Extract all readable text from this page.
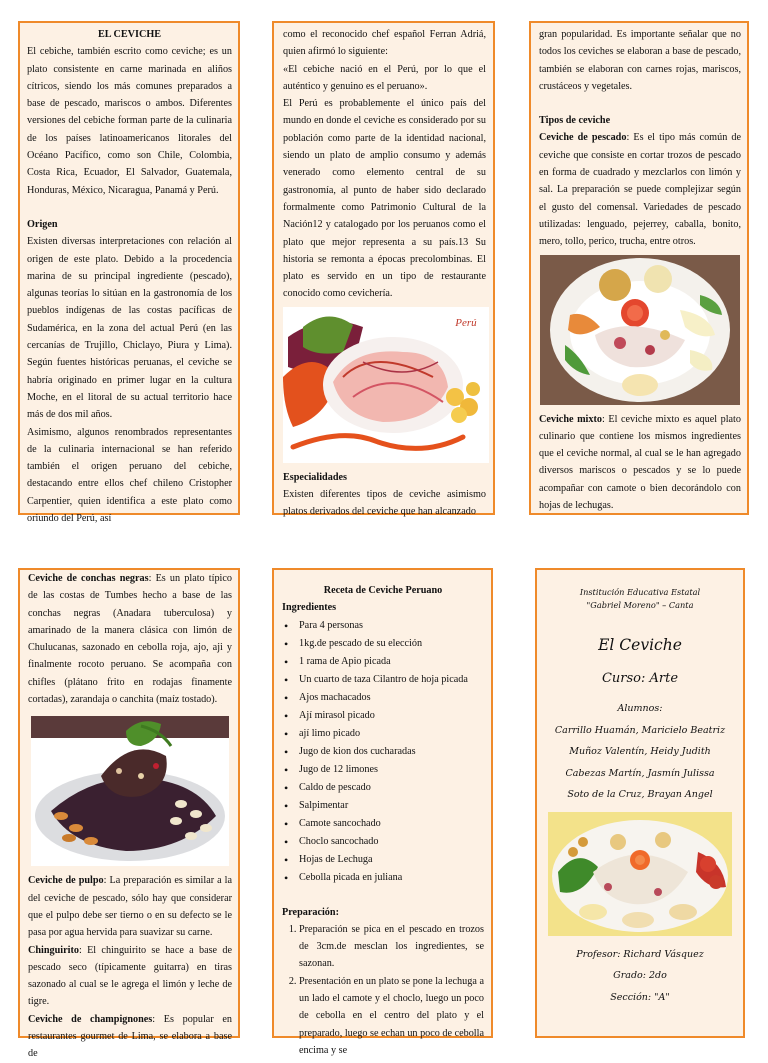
EL CEVICHE

El cebiche, también escrito como ceviche; es un plato consistente en carne marinada en aliños cítricos, siendo los más comunes preparados a base de pescado, mariscos o ambos. Diferentes versiones del cebiche forman parte de la culinaria de los países latinoamericanos litorales del Océano Pacífico, como son Chile, Colombia, Costa Rica, Ecuador, El Salvador, Guatemala, Honduras, México, Nicaragua, Panamá y Perú.

Origen

Existen diversas interpretaciones con relación al origen de este plato. Debido a la procedencia marina de su principal ingrediente (pescado), algunas teorías lo sitúan en la gastronomía de los pueblos indígenas de las costas pacíficas de Sudamérica, en la zona del actual Perú (en las cercanías de Trujillo, Chiclayo, Piura y Lima). Según fuentes históricas peruanas, el ceviche se habría originado en primer lugar en la cultura Moche, en el litoral de su actual territorio hace más de dos mil años.

Asimismo, algunos renombrados representantes de la culinaria internacional se han referido también el origen peruano del cebiche, destacando entre ellos chef chileno Cristopher Carpentier, quien identifica a este plato como oriundo del Perú, así

como el reconocido chef español Ferran Adriá, quien afirmó lo siguiente:

«El cebiche nació en el Perú, por lo que el auténtico y genuino es el peruano».

El Perú es probablemente el único país del mundo en donde el ceviche es considerado por su población como parte de la identidad nacional, siendo un plato de amplio consumo y además venerado como elemento central de su gastronomía, al punto de haber sido declarado formalmente como Patrimonio Cultural de la Nación12 y catalogado por los peruanos como el plato que mejor representa a su país.13 Su historia se remonta a épocas precolombinas. El plato es servido en un tipo de restaurante conocido como cevichería.

Perú

Especialidades

Existen diferentes tipos de ceviche asimismo platos derivados del ceviche que han alcanzado

gran popularidad. Es importante señalar que no todos los ceviches se elaboran a base de pescado, también se elaboran con carnes rojas, mariscos, crustáceos y vegetales.

Tipos de ceviche

Ceviche de pescado: Es el tipo más común de ceviche que consiste en cortar trozos de pescado en forma de cuadrado y mezclarlos con limón y sal. La preparación se puede complejizar según el gusto del comensal. Variedades de pescado utilizadas: lenguado, pejerrey, caballa, bonito, mero, tollo, perico, trucha, entre otros.

Ceviche mixto: El ceviche mixto es aquel plato culinario que contiene los mismos ingredientes que el ceviche normal, al cual se le han agregado diversos mariscos o pescados y se lo puede acompañar con camote o bien decorándolo con hojas de lechugas.

Ceviche de conchas negras: Es un plato típico de las costas de Tumbes hecho a base de las conchas negras (Anadara tuberculosa) y amarinado de la manera clásica con limón de Chulucanas, sazonado en cebolla roja, ajo, aji y finalmente rocoto peruano. Se acompaña con chifles (plátano frito en rodajas finamente cortadas), zarandaja o canchita (maíz tostado).

Ceviche de pulpo: La preparación es similar a la del ceviche de pescado, sólo hay que considerar que el pulpo debe ser tierno o en su defecto se le pasa por agua hervida para suavizar su carne.

Chinguirito: El chinguirito se hace a base de pescado seco (típicamente guitarra) en tiras sazonado al cual se le agrega el limón y leche de tigre.

Ceviche de champignones: Es popular en restaurantes gourmet de Lima, se elabora a base de

Receta de Ceviche Peruano

Ingredientes

• Para 4 personas
• 1kg.de pescado de su elección
• 1 rama de Apio picada
• Un cuarto de taza Cilantro de hoja picada
• Ajos machacados
• Ají mirasol picado
• ají limo picado
• Jugo de kion dos cucharadas
• Jugo de 12 limones
• Caldo de pescado
• Salpimentar
• Camote sancochado
• Choclo sancochado
• Hojas de Lechuga
• Cebolla picada en juliana

Preparación:

1. Preparación se pica en el pescado en trozos de 3cm.de mesclan los ingredientes, se sazonan.
2. Presentación en un plato se pone la lechuga a un lado el camote y el choclo, luego un poco de cebolla en el centro del plato y el preparado, luego se echan un poco de cebolla encima y se
Institución Educativa Estatal
"Gabriel Moreno" – Canta
El Ceviche
Curso: Arte
Alumnos:
Carrillo Huamán, Maricielo Beatriz
Muñoz Valentín, Heidy Judith
Cabezas Martín, Jasmín Julissa
Soto de la Cruz, Brayan Angel
Profesor: Richard Vásquez
Grado: 2do
Sección: "A"
